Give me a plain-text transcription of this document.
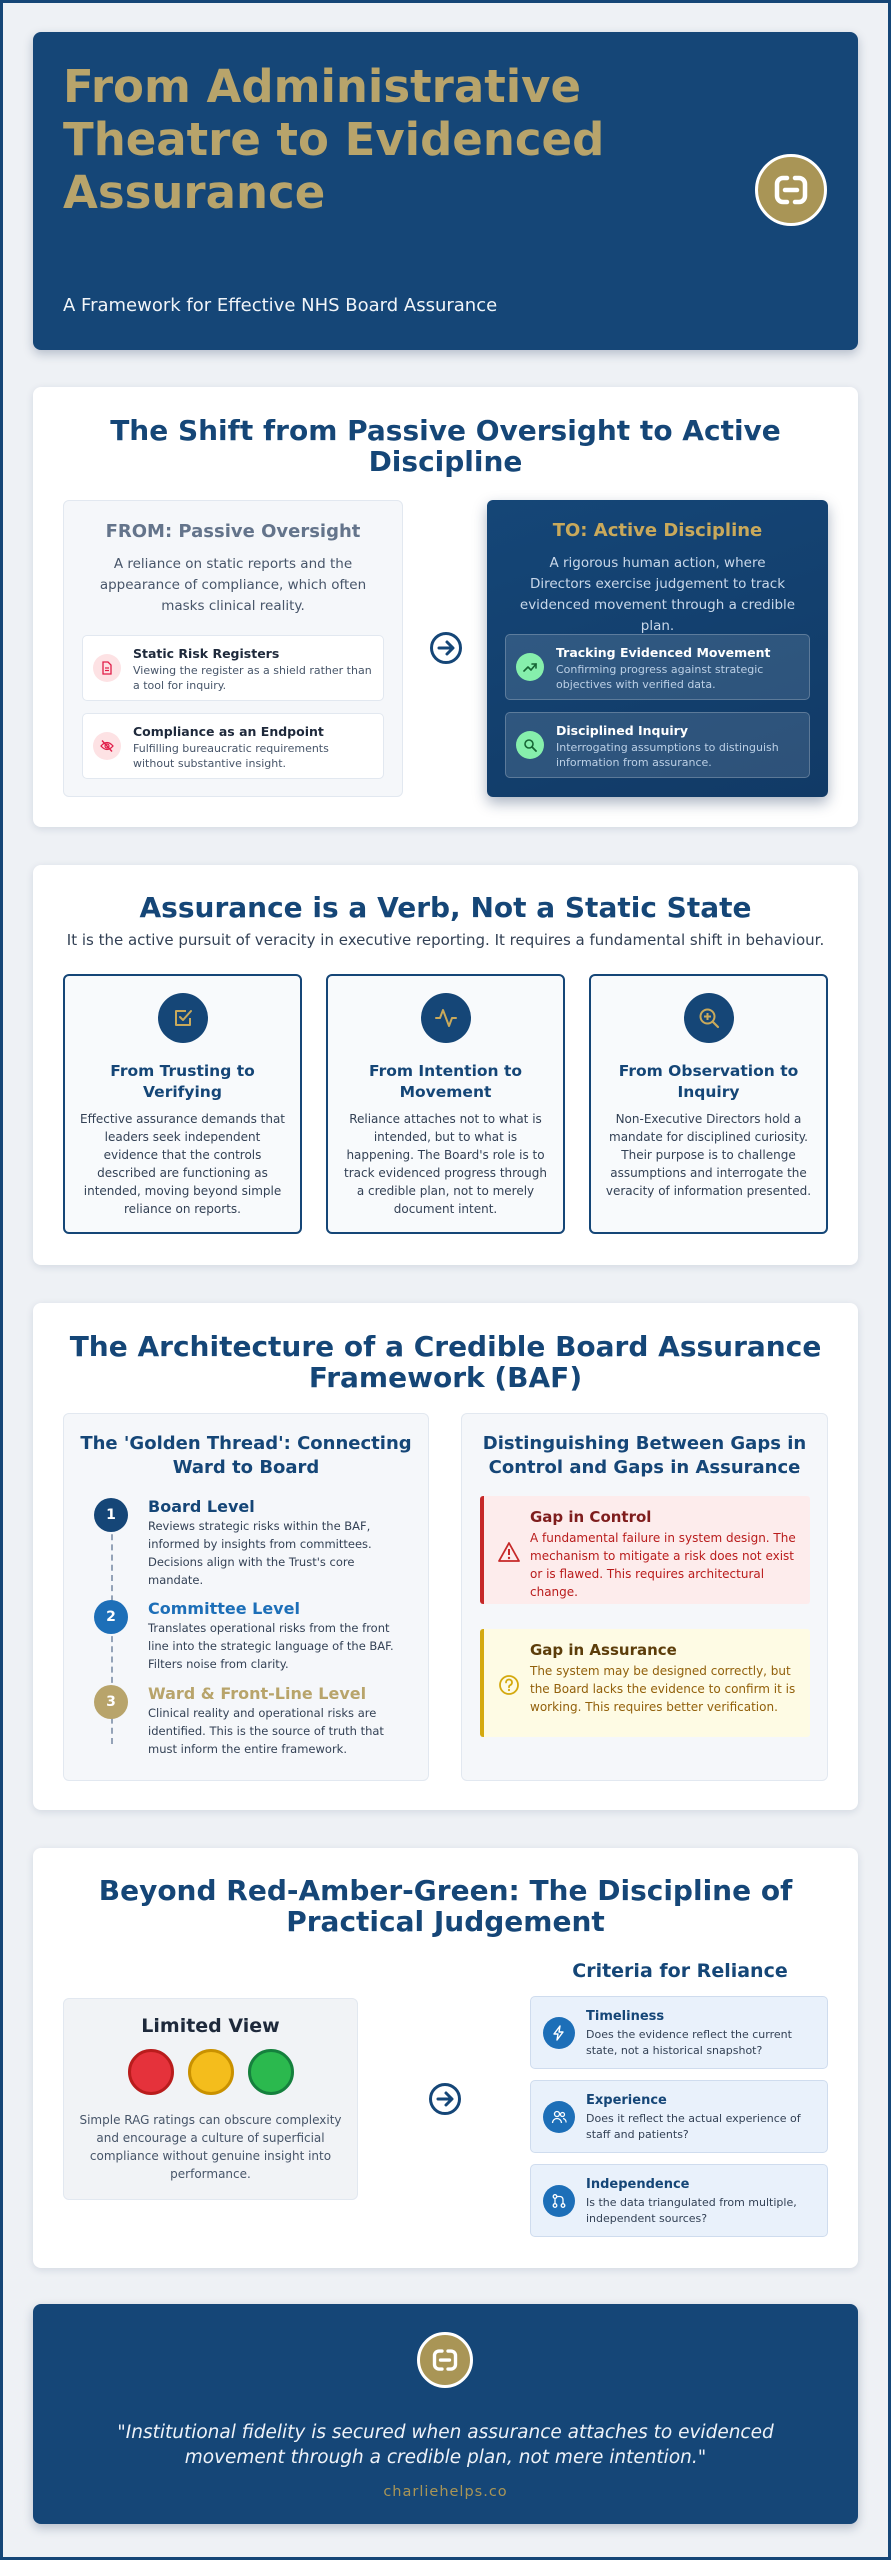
From Administrative Theatre to Evidenced Assurance

A Framework for Effective NHS Board Assurance

The Shift from Passive Oversight to Active Discipline
FROM: Passive Oversight
A reliance on static reports and the appearance of compliance, which often masks clinical reality.
Static Risk Registers
Viewing the register as a shield rather than a tool for inquiry.
Compliance as an Endpoint
Fulfilling bureaucratic requirements without substantive insight.
TO: Active Discipline
A rigorous human action, where Directors exercise judgement to track evidenced movement through a credible plan.
Tracking Evidenced Movement
Confirming progress against strategic objectives with verified data.
Disciplined Inquiry
Interrogating assumptions to distinguish information from assurance.
Assurance is a Verb, Not a Static State

It is the active pursuit of veracity in executive reporting. It requires a fundamental shift in behaviour.

From Trusting to Verifying
Effective assurance demands that leaders seek independent evidence that the controls described are functioning as intended, moving beyond simple reliance on reports.
From Intention to Movement
Reliance attaches not to what is intended, but to what is happening. The Board's role is to track evidenced progress through a credible plan, not to merely document intent.
From Observation to Inquiry
Non-Executive Directors hold a mandate for disciplined curiosity. Their purpose is to challenge assumptions and interrogate the veracity of information presented.
The Architecture of a Credible Board Assurance Framework (BAF)
The 'Golden Thread': Connecting Ward to Board
1	Board Level
Reviews strategic risks within the BAF, informed by insights from committees. Decisions align with the Trust's core mandate.
2	Committee Level
Translates operational risks from the front line into the strategic language of the BAF. Filters noise from clarity.
3	Ward & Front-Line Level
Clinical reality and operational risks are identified. This is the source of truth that must inform the entire framework.
Distinguishing Between Gaps in Control and Gaps in Assurance
Gap in Control
A fundamental failure in system design. The mechanism to mitigate a risk does not exist or is flawed. This requires architectural change.
Gap in Assurance
The system may be designed correctly, but the Board lacks the evidence to confirm it is working. This requires better verification.
Beyond Red-Amber-Green: The Discipline of Practical Judgement
Limited View
Simple RAG ratings can obscure complexity and encourage a culture of superficial compliance without genuine insight into performance.
Criteria for Reliance
Timeliness
Does the evidence reflect the current state, not a historical snapshot?
Experience
Does it reflect the actual experience of staff and patients?
Independence
Is the data triangulated from multiple, independent sources?

"Institutional fidelity is secured when assurance attaches to evidenced movement through a credible plan, not mere intention."

charliehelps.co
